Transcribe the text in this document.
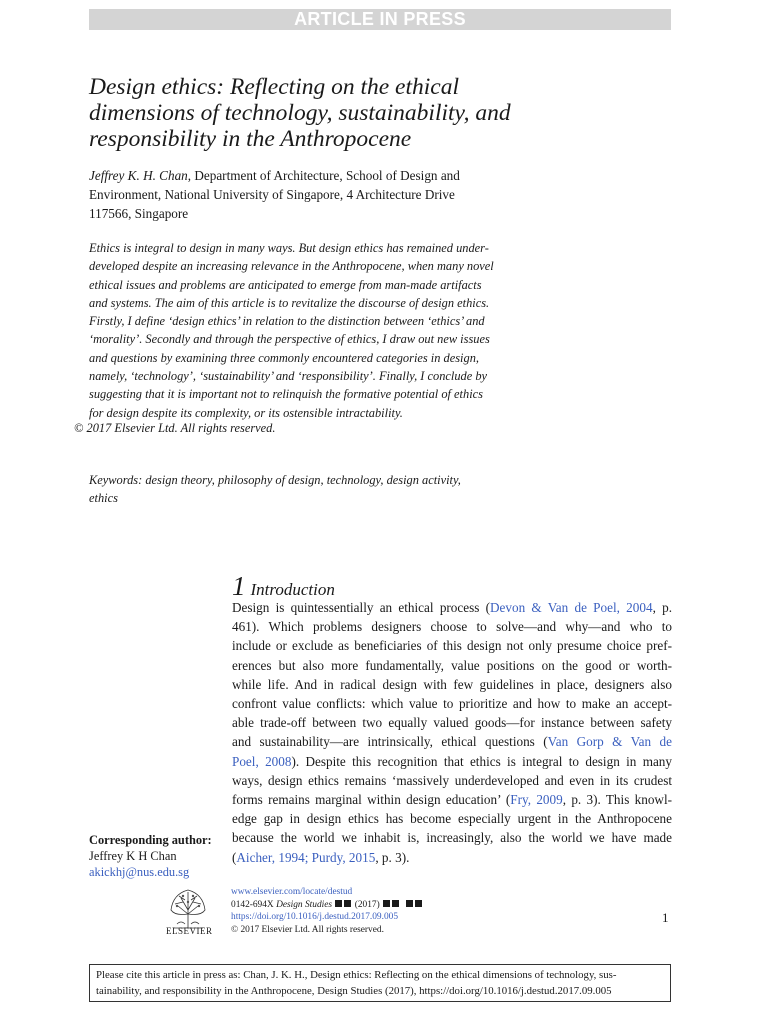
ARTICLE IN PRESS
Design ethics: Reflecting on the ethical
dimensions of technology, sustainability, and
responsibility in the Anthropocene
Jeffrey K. H. Chan, Department of Architecture, School of Design and
Environment, National University of Singapore, 4 Architecture Drive
117566, Singapore
Ethics is integral to design in many ways. But design ethics has remained under-
developed despite an increasing relevance in the Anthropocene, when many novel
ethical issues and problems are anticipated to emerge from man-made artifacts
and systems. The aim of this article is to revitalize the discourse of design ethics.
Firstly, I define ‘design ethics’ in relation to the distinction between ‘ethics’ and
‘morality’. Secondly and through the perspective of ethics, I draw out new issues
and questions by examining three commonly encountered categories in design,
namely, ‘technology’, ‘sustainability’ and ‘responsibility’. Finally, I conclude by
suggesting that it is important not to relinquish the formative potential of ethics
for design despite its complexity, or its ostensible intractability.
© 2017 Elsevier Ltd. All rights reserved.
Keywords: design theory, philosophy of design, technology, design activity,
ethics
1 Introduction
Design is quintessentially an ethical process (Devon & Van de Poel, 2004, p.
461). Which problems designers choose to solve—and why—and who to
include or exclude as beneficiaries of this design not only presume choice pref-
erences but also more fundamentally, value positions on the good or worth-
while life. And in radical design with few guidelines in place, designers also
confront value conflicts: which value to prioritize and how to make an accept-
able trade-off between two equally valued goods—for instance between safety
and sustainability—are intrinsically, ethical questions (Van Gorp & Van de
Poel, 2008). Despite this recognition that ethics is integral to design in many
ways, design ethics remains ‘massively underdeveloped and even in its crudest
forms remains marginal within design education’ (Fry, 2009, p. 3). This knowl-
edge gap in design ethics has become especially urgent in the Anthropocene
because the world we inhabit is, increasingly, also the world we have made
(Aicher, 1994; Purdy, 2015, p. 3).
Corresponding author:
Jeffrey K H Chan
akickhj@nus.edu.sg
ELSEVIER
www.elsevier.com/locate/destud
0142-694X Design Studies  (2017)
https://doi.org/10.1016/j.destud.2017.09.005
© 2017 Elsevier Ltd. All rights reserved.
1
Please cite this article in press as: Chan, J. K. H., Design ethics: Reflecting on the ethical dimensions of technology, sus-
tainability, and responsibility in the Anthropocene, Design Studies (2017), https://doi.org/10.1016/j.destud.2017.09.005
